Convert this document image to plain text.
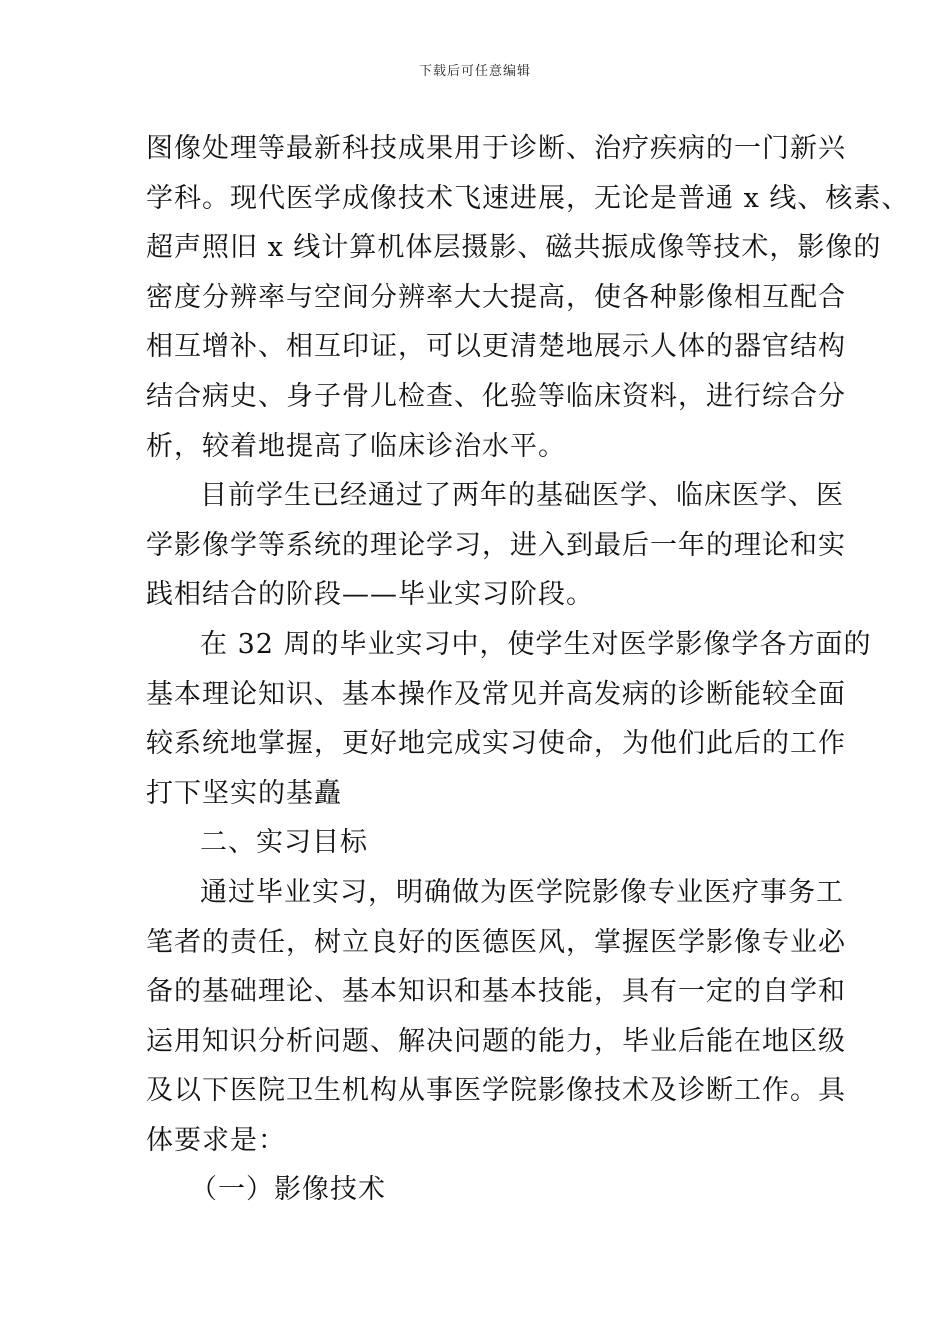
下载后可任意编辑
图像处理等最新科技成果用于诊断、治疗疾病的一门新兴
学科。现代医学成像技术飞速进展，无论是普通 x 线、核素、
超声照旧 x 线计算机体层摄影、磁共振成像等技术，影像的
密度分辨率与空间分辨率大大提高，使各种影像相互配合
相互增补、相互印证，可以更清楚地展示人体的器官结构
结合病史、身子骨儿检查、化验等临床资料，进行综合分
析，较着地提高了临床诊治水平。
目前学生已经通过了两年的基础医学、临床医学、医
学影像学等系统的理论学习，进入到最后一年的理论和实
践相结合的阶段——毕业实习阶段。
在 32 周的毕业实习中，使学生对医学影像学各方面的
基本理论知识、基本操作及常见并高发病的诊断能较全面
较系统地掌握，更好地完成实习使命，为他们此后的工作
打下坚实的基矗
二、实习目标
通过毕业实习，明确做为医学院影像专业医疗事务工
笔者的责任，树立良好的医德医风，掌握医学影像专业必
备的基础理论、基本知识和基本技能，具有一定的自学和
运用知识分析问题、解决问题的能力，毕业后能在地区级
及以下医院卫生机构从事医学院影像技术及诊断工作。具
体要求是：
（一）影像技术
